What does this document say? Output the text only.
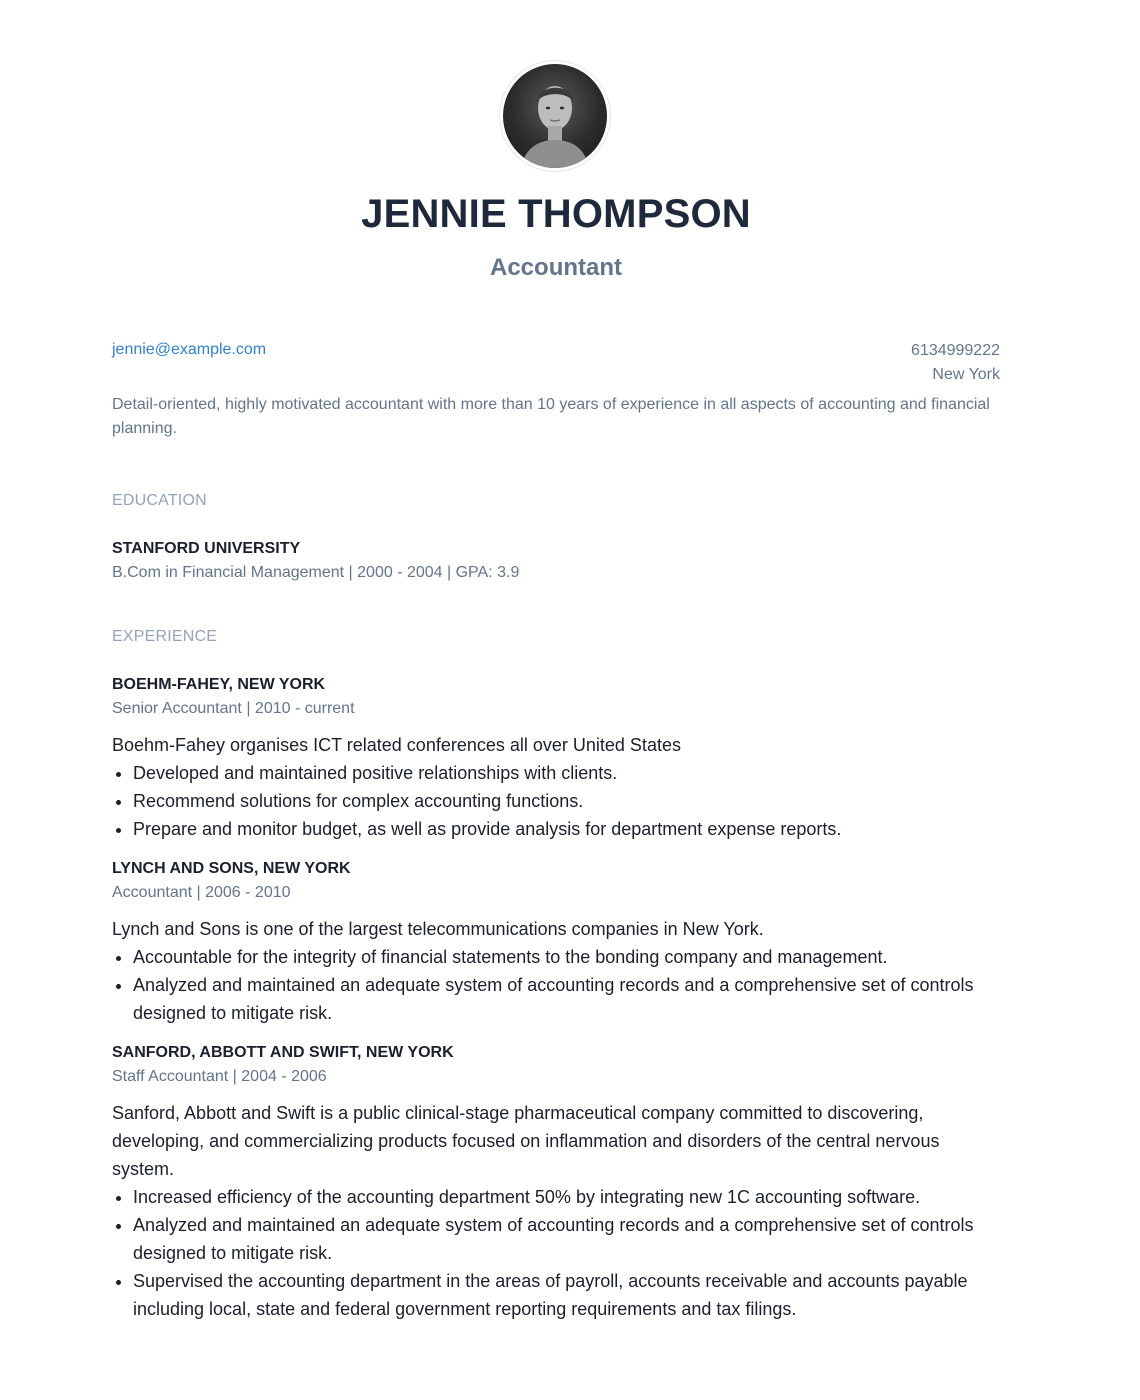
JENNIE THOMPSON
Accountant
jennie@example.com	6134999222
New York

Detail-oriented, highly motivated accountant with more than 10 years of experience in all aspects of accounting and financial planning.

EDUCATION

STANFORD UNIVERSITY

B.Com in Financial Management | 2000 - 2004 | GPA: 3.9

EXPERIENCE

BOEHM-FAHEY, NEW YORK

Senior Accountant | 2010 - current

Boehm-Fahey organises ICT related conferences all over United States

• Developed and maintained positive relationships with clients.
• Recommend solutions for complex accounting functions.
• Prepare and monitor budget, as well as provide analysis for department expense reports.

LYNCH AND SONS, NEW YORK

Accountant | 2006 - 2010

Lynch and Sons is one of the largest telecommunications companies in New York.

• Accountable for the integrity of financial statements to the bonding company and management.
• Analyzed and maintained an adequate system of accounting records and a comprehensive set of controls designed to mitigate risk.

SANFORD, ABBOTT AND SWIFT, NEW YORK

Staff Accountant | 2004 - 2006

Sanford, Abbott and Swift is a public clinical-stage pharmaceutical company committed to discovering, developing, and commercializing products focused on inflammation and disorders of the central nervous system.

• Increased efficiency of the accounting department 50% by integrating new 1C accounting software.
• Analyzed and maintained an adequate system of accounting records and a comprehensive set of controls designed to mitigate risk.
• Supervised the accounting department in the areas of payroll, accounts receivable and accounts payable including local, state and federal government reporting requirements and tax filings.
